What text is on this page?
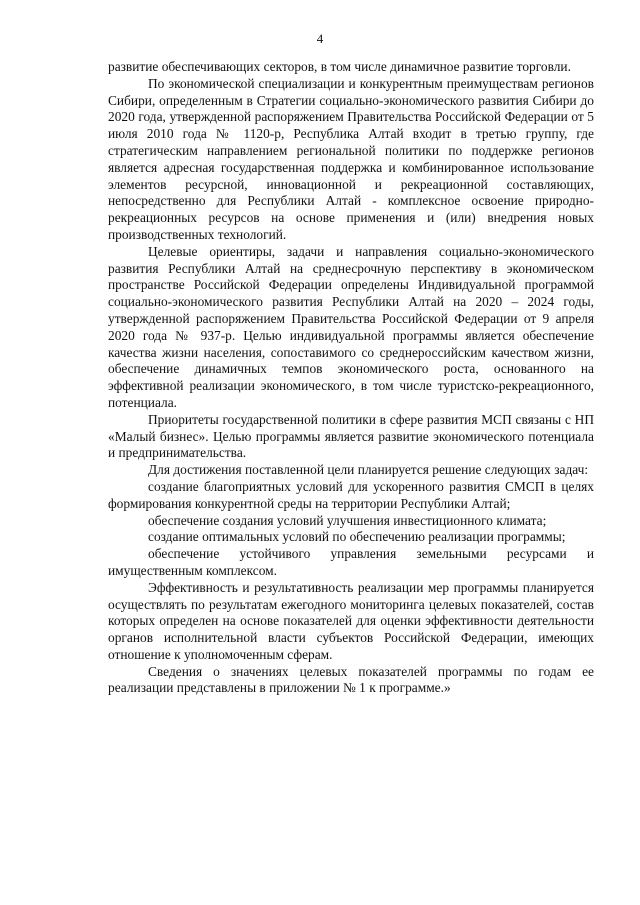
4

развитие обеспечивающих секторов, в том числе динамичное развитие торговли.

По экономической специализации и конкурентным преимуществам регионов Сибири, определенным в Стратегии социально-экономического развития Сибири до 2020 года, утвержденной распоряжением Правительства Российской Федерации от 5 июля 2010 года № 1120-р, Республика Алтай входит в третью группу, где стратегическим направлением региональной политики по поддержке регионов является адресная государственная поддержка и комбинированное использование элементов ресурсной, инновационной и рекреационной составляющих, непосредственно для Республики Алтай - комплексное освоение природно-рекреационных ресурсов на основе применения и (или) внедрения новых производственных технологий.

Целевые ориентиры, задачи и направления социально-экономического развития Республики Алтай на среднесрочную перспективу в экономическом пространстве Российской Федерации определены Индивидуальной программой социально-экономического развития Республики Алтай на 2020 – 2024 годы, утвержденной распоряжением Правительства Российской Федерации от 9 апреля 2020 года № 937-р. Целью индивидуальной программы является обеспечение качества жизни населения, сопоставимого со среднероссийским качеством жизни, обеспечение динамичных темпов экономического роста, основанного на эффективной реализации экономического, в том числе туристско-рекреационного, потенциала.

Приоритеты государственной политики в сфере развития МСП связаны с НП «Малый бизнес». Целью программы является развитие экономического потенциала и предпринимательства.

Для достижения поставленной цели планируется решение следующих задач:

создание благоприятных условий для ускоренного развития СМСП в целях формирования конкурентной среды на территории Республики Алтай;

обеспечение создания условий улучшения инвестиционного климата;

создание оптимальных условий по обеспечению реализации программы;

обеспечение устойчивого управления земельными ресурсами и имущественным комплексом.

Эффективность и результативность реализации мер программы планируется осуществлять по результатам ежегодного мониторинга целевых показателей, состав которых определен на основе показателей для оценки эффективности деятельности органов исполнительной власти субъектов Российской Федерации, имеющих отношение к уполномоченным сферам.

Сведения о значениях целевых показателей программы по годам ее реализации представлены в приложении № 1 к программе.»
